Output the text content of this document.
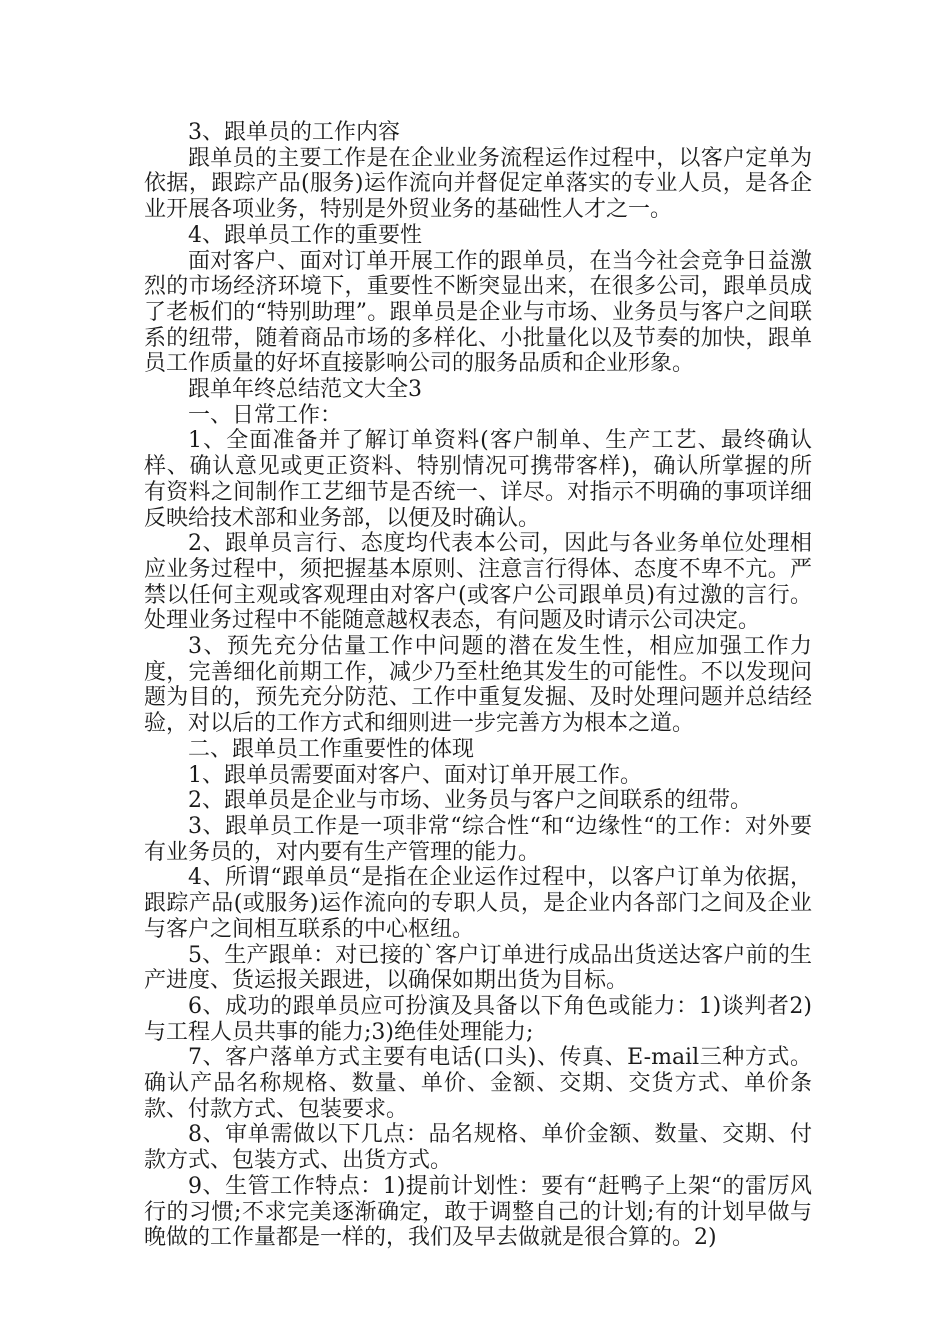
3、跟单员的工作内容

跟单员的主要工作是在企业业务流程运作过程中，以客户定单为依据，跟踪产品(服务)运作流向并督促定单落实的专业人员，是各企业开展各项业务，特别是外贸业务的基础性人才之一。

4、跟单员工作的重要性

面对客户、面对订单开展工作的跟单员，在当今社会竞争日益激烈的市场经济环境下，重要性不断突显出来，在很多公司，跟单员成了老板们的“特别助理”。跟单员是企业与市场、业务员与客户之间联系的纽带，随着商品市场的多样化、小批量化以及节奏的加快，跟单员工作质量的好坏直接影响公司的服务品质和企业形象。

跟单年终总结范文大全3

一、日常工作：

1、全面准备并了解订单资料(客户制单、生产工艺、最终确认样、确认意见或更正资料、特别情况可携带客样)，确认所掌握的所有资料之间制作工艺细节是否统一、详尽。对指示不明确的事项详细反映给技术部和业务部，以便及时确认。

2、跟单员言行、态度均代表本公司，因此与各业务单位处理相应业务过程中，须把握基本原则、注意言行得体、态度不卑不亢。严禁以任何主观或客观理由对客户(或客户公司跟单员)有过激的言行。处理业务过程中不能随意越权表态，有问题及时请示公司决定。

3、预先充分估量工作中问题的潜在发生性，相应加强工作力度，完善细化前期工作，减少乃至杜绝其发生的可能性。不以发现问题为目的，预先充分防范、工作中重复发掘、及时处理问题并总结经验，对以后的工作方式和细则进一步完善方为根本之道。

二、跟单员工作重要性的体现

1、跟单员需要面对客户、面对订单开展工作。

2、跟单员是企业与市场、业务员与客户之间联系的纽带。

3、跟单员工作是一项非常“综合性“和“边缘性“的工作：对外要有业务员的，对内要有生产管理的能力。

4、所谓“跟单员“是指在企业运作过程中，以客户订单为依据，跟踪产品(或服务)运作流向的专职人员，是企业内各部门之间及企业与客户之间相互联系的中心枢纽。

5、生产跟单：对已接的`客户订单进行成品出货送达客户前的生产进度、货运报关跟进，以确保如期出货为目标。

6、成功的跟单员应可扮演及具备以下角色或能力：1)谈判者2)与工程人员共事的能力;3)绝佳处理能力;

7、客户落单方式主要有电话(口头)、传真、E-mail三种方式。确认产品名称规格、数量、单价、金额、交期、交货方式、单价条款、付款方式、包装要求。

8、审单需做以下几点：品名规格、单价金额、数量、交期、付款方式、包装方式、出货方式。

9、生管工作特点：1)提前计划性：要有“赶鸭子上架“的雷厉风行的习惯;不求完美逐渐确定，敢于调整自己的计划;有的计划早做与晚做的工作量都是一样的，我们及早去做就是很合算的。2)
